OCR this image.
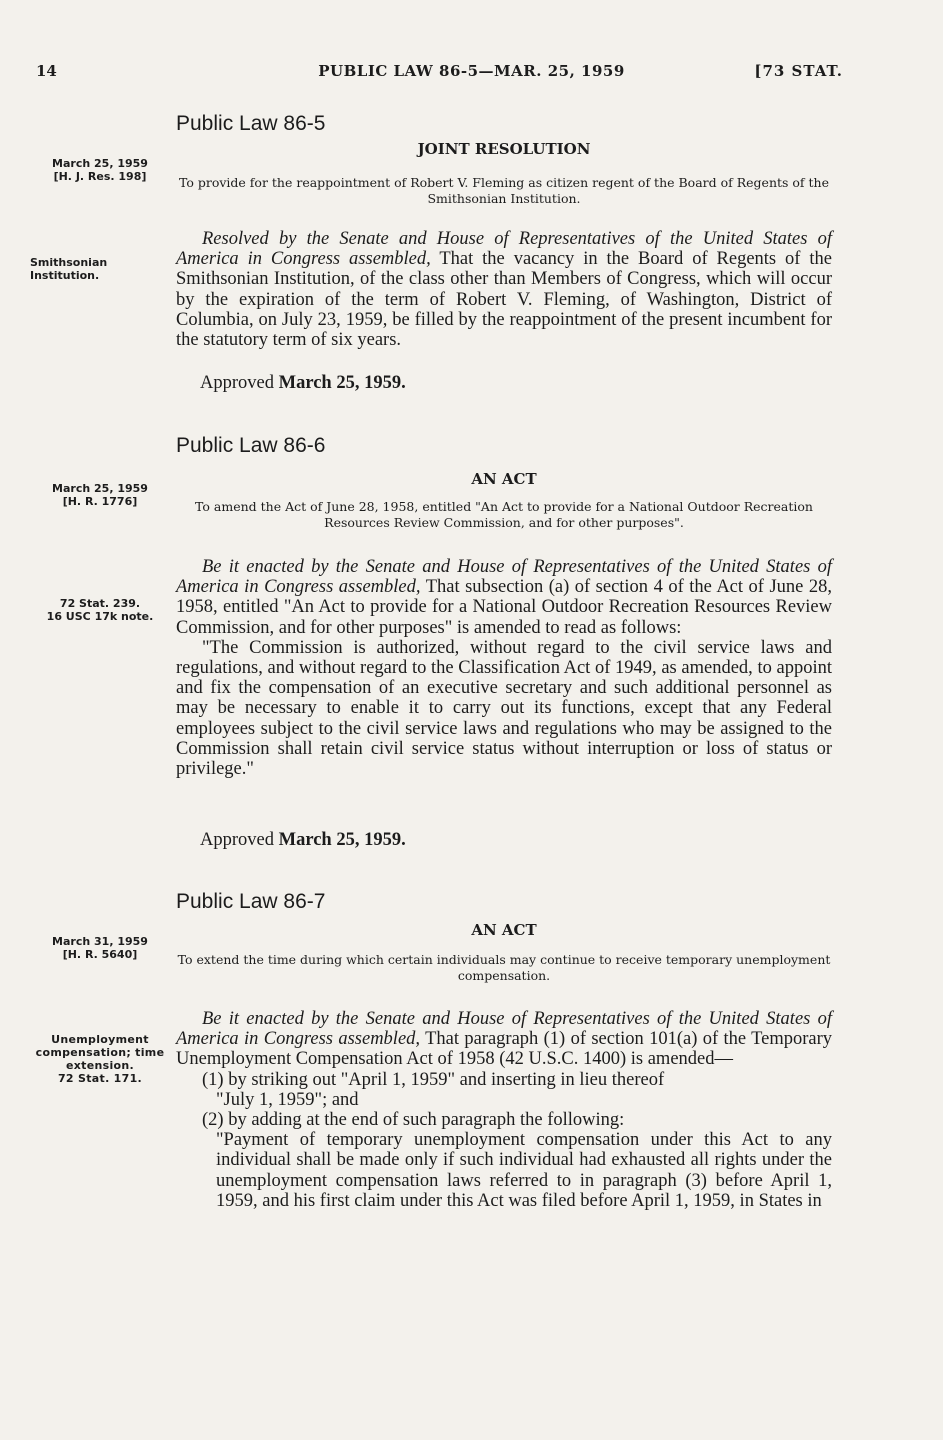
14	PUBLIC LAW 86-5—MAR. 25, 1959	[73 STAT.
Public Law 86-5
JOINT RESOLUTION
March 25, 1959
[H. J. Res. 198]	To provide for the reappointment of Robert V. Fleming as citizen regent of the Board of Regents of the Smithsonian Institution.
Smithsonian Institution.

Resolved by the Senate and House of Representatives of the United States of America in Congress assembled, That the vacancy in the Board of Regents of the Smithsonian Institution, of the class other than Members of Congress, which will occur by the expiration of the term of Robert V. Fleming, of Washington, District of Columbia, on July 23, 1959, be filled by the reappointment of the present incumbent for the statutory term of six years.

Approved March 25, 1959.
Public Law 86-6
AN ACT
March 25, 1959
[H. R. 1776]	To amend the Act of June 28, 1958, entitled "An Act to provide for a National Outdoor Recreation Resources Review Commission, and for other purposes".
72 Stat. 239.
16 USC 17k note.

Be it enacted by the Senate and House of Representatives of the United States of America in Congress assembled, That subsection (a) of section 4 of the Act of June 28, 1958, entitled "An Act to provide for a National Outdoor Recreation Resources Review Commission, and for other purposes" is amended to read as follows:

"The Commission is authorized, without regard to the civil service laws and regulations, and without regard to the Classification Act of 1949, as amended, to appoint and fix the compensation of an executive secretary and such additional personnel as may be necessary to enable it to carry out its functions, except that any Federal employees subject to the civil service laws and regulations who may be assigned to the Commission shall retain civil service status without interruption or loss of status or privilege."

Approved March 25, 1959.
Public Law 86-7
AN ACT
March 31, 1959
[H. R. 5640]	To extend the time during which certain individuals may continue to receive temporary unemployment compensation.
Unemployment compensation; time extension.
72 Stat. 171.

Be it enacted by the Senate and House of Representatives of the United States of America in Congress assembled, That paragraph (1) of section 101(a) of the Temporary Unemployment Compensation Act of 1958 (42 U.S.C. 1400) is amended—

(1) by striking out "April 1, 1959" and inserting in lieu thereof

"July 1, 1959"; and

(2) by adding at the end of such paragraph the following:

"Payment of temporary unemployment compensation under this Act to any individual shall be made only if such individual had exhausted all rights under the unemployment compensation laws referred to in paragraph (3) before April 1, 1959, and his first claim under this Act was filed before April 1, 1959, in States in
